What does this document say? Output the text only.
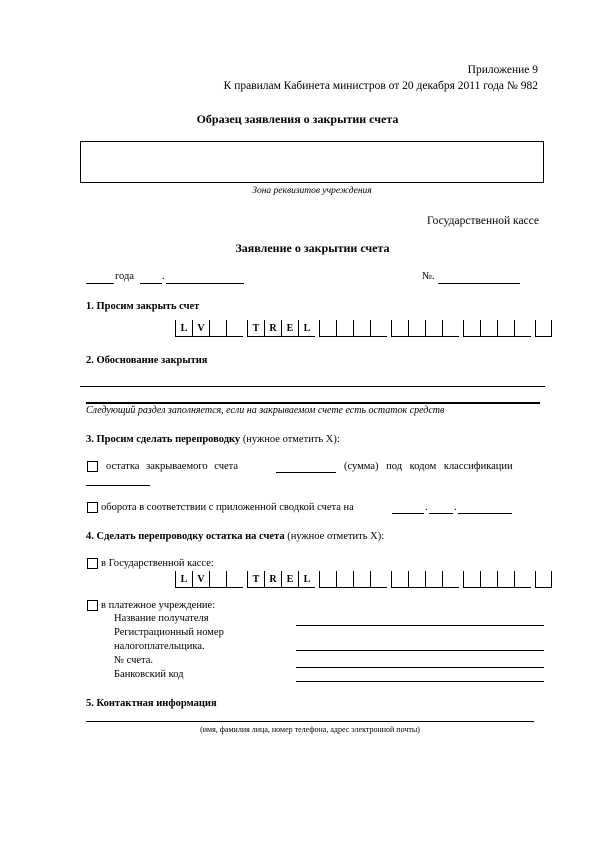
Приложение 9
К правилам Кабинета министров от 20 декабря 2011 года № 982
Образец заявления о закрытии счета
Зона реквизитов учреждения
Государственной кассе
Заявление о закрытии счета
года	.	№.
1. Просим закрыть счет
L	V	T	R	E	L
2. Обоснование закрытия
Следующий раздел заполняется, если на закрываемом счете есть остаток средств
3. Просим сделать перепроводку (нужное отметить X):
остатка закрываемого счета	(сумма) под кодом классификации
оборота в соответствии с приложенной сводкой счета на	.	.
4. Сделать перепроводку остатка на счета (нужное отметить X):
в Государственной кассе:
L	V	T	R	E	L
в платежное учреждение:
Название получателя
Регистрационный номер
налогоплательщика.
№ счета.
Банковский код
5. Контактная информация
(имя, фамилия лица, номер телефона, адрес электронной почты)
